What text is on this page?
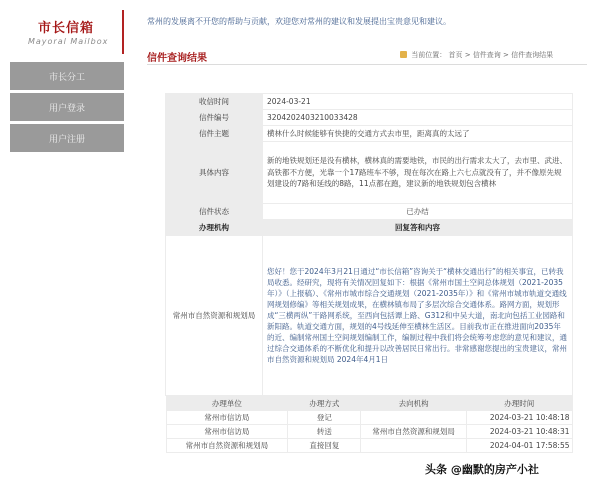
市长信箱
Mayoral Mailbox
市长分工
用户登录
用户注册
常州的发展离不开您的帮助与贡献，欢迎您对常州的建议和发展提出宝贵意见和建议。
信件查询结果	当前位置： 首页 > 信件查询 > 信件查询结果
收信时间	2024-03-21
信件编号	3204202403210033428
信件主题	横林什么时候能够有快捷的交通方式去市里，距离真的太远了
具体内容	新的地铁规划还是没有横林，横林真的需要地铁，市民的出行需求太大了，去市里、武进、高铁都不方便，光靠一个17路班车不够，现在每次在路上六七点就没有了，并不像原先规划建设的7路和延线的8路，11点都在跑，建议新的地铁规划包含横林
信件状态	已办结
办理机构	回复答和内容
常州市自然资源和规划局	您好！您于2024年3月21日通过“市长信箱”咨询关于“横林交通出行”的相关事宜，已转我局收悉。经研究，现将有关情况回复如下：根据《常州市国土空间总体规划（2021-2035年）》（上报稿）、《常州市城市综合交通规划（2021-2035年）》和《常州市城市轨道交通线网规划修编》等相关规划成果，在横林镇布局了多层次综合交通体系。路网方面，规划形成“三横两纵”干路网系统，至西向包括谭上路、G312和中吴大道，南北向包括工业园路和新阳路。轨道交通方面，规划的4号线延伸至横林生活区。目前我市正在推进面向2035年的近、编制常州国土空间规划编制工作，编制过程中我们将会统筹考虑您的意见和建议，通过综合交通体系的不断优化和提升以改善居民日常出行。非常感谢您提出的宝贵建议，常州市自然资源和规划局 2024年4月1日

办理单位	办理方式	去向机构	办理时间
常州市信访局	登记		2024-03-21 10:48:18
常州市信访局	转送	常州市自然资源和规划局	2024-03-21 10:48:31
常州市自然资源和规划局	直接回复		2024-04-01 17:58:55
头条 @幽默的房产小社
